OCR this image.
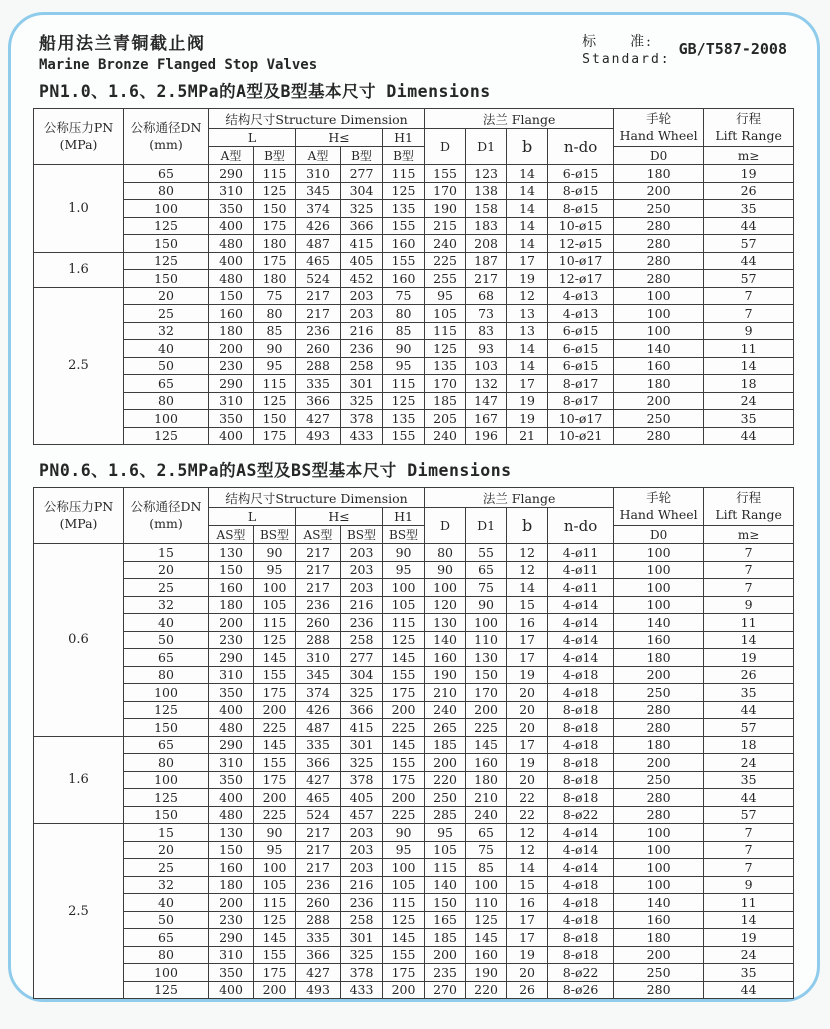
船用法兰青铜截止阀
Marine Bronze Flanged Stop Valves
标　　准:
Standard:
GB/T587-2008
PN1.0、1.6、2.5MPa的A型及B型基本尺寸 Dimensions
公称压力PN
(MPa)	公称通径DN
(mm)	结构尺寸Structure Dimension					法兰 Flange				手轮
Hand Wheel	行程
Lift Range
		L		H≤		H1	D	D1	b	n-do		
		A型	B型	A型	B型	B型					D0	m≥
1.0	65	290	115	310	277	115	155	123	14	6-ø15	180	19
	80	310	125	345	304	125	170	138	14	8-ø15	200	26
	100	350	150	374	325	135	190	158	14	8-ø15	250	35
	125	400	175	426	366	155	215	183	14	10-ø15	280	44
	150	480	180	487	415	160	240	208	14	12-ø15	280	57
1.6	125	400	175	465	405	155	225	187	17	10-ø17	280	44
	150	480	180	524	452	160	255	217	19	12-ø17	280	57
2.5	20	150	75	217	203	75	95	68	12	4-ø13	100	7
	25	160	80	217	203	80	105	73	13	4-ø13	100	7
	32	180	85	236	216	85	115	83	13	6-ø15	100	9
	40	200	90	260	236	90	125	93	14	6-ø15	140	11
	50	230	95	288	258	95	135	103	14	6-ø15	160	14
	65	290	115	335	301	115	170	132	17	8-ø17	180	18
	80	310	125	366	325	125	185	147	19	8-ø17	200	24
	100	350	150	427	378	135	205	167	19	10-ø17	250	35
	125	400	175	493	433	155	240	196	21	10-ø21	280	44
PN0.6、1.6、2.5MPa的AS型及BS型基本尺寸 Dimensions
公称压力PN
(MPa)	公称通径DN
(mm)	结构尺寸Structure Dimension					法兰 Flange				手轮
Hand Wheel	行程
Lift Range
		L		H≤		H1	D	D1	b	n-do		
		AS型	BS型	AS型	BS型	BS型					D0	m≥
0.6	15	130	90	217	203	90	80	55	12	4-ø11	100	7
	20	150	95	217	203	95	90	65	12	4-ø11	100	7
	25	160	100	217	203	100	100	75	14	4-ø11	100	7
	32	180	105	236	216	105	120	90	15	4-ø14	100	9
	40	200	115	260	236	115	130	100	16	4-ø14	140	11
	50	230	125	288	258	125	140	110	17	4-ø14	160	14
	65	290	145	310	277	145	160	130	17	4-ø14	180	19
	80	310	155	345	304	155	190	150	19	4-ø18	200	26
	100	350	175	374	325	175	210	170	20	4-ø18	250	35
	125	400	200	426	366	200	240	200	20	8-ø18	280	44
	150	480	225	487	415	225	265	225	20	8-ø18	280	57
1.6	65	290	145	335	301	145	185	145	17	4-ø18	180	18
	80	310	155	366	325	155	200	160	19	8-ø18	200	24
	100	350	175	427	378	175	220	180	20	8-ø18	250	35
	125	400	200	465	405	200	250	210	22	8-ø18	280	44
	150	480	225	524	457	225	285	240	22	8-ø22	280	57
2.5	15	130	90	217	203	90	95	65	12	4-ø14	100	7
	20	150	95	217	203	95	105	75	12	4-ø14	100	7
	25	160	100	217	203	100	115	85	14	4-ø14	100	7
	32	180	105	236	216	105	140	100	15	4-ø18	100	9
	40	200	115	260	236	115	150	110	16	4-ø18	140	11
	50	230	125	288	258	125	165	125	17	4-ø18	160	14
	65	290	145	335	301	145	185	145	17	8-ø18	180	19
	80	310	155	366	325	155	200	160	19	8-ø18	200	24
	100	350	175	427	378	175	235	190	20	8-ø22	250	35
	125	400	200	493	433	200	270	220	26	8-ø26	280	44
